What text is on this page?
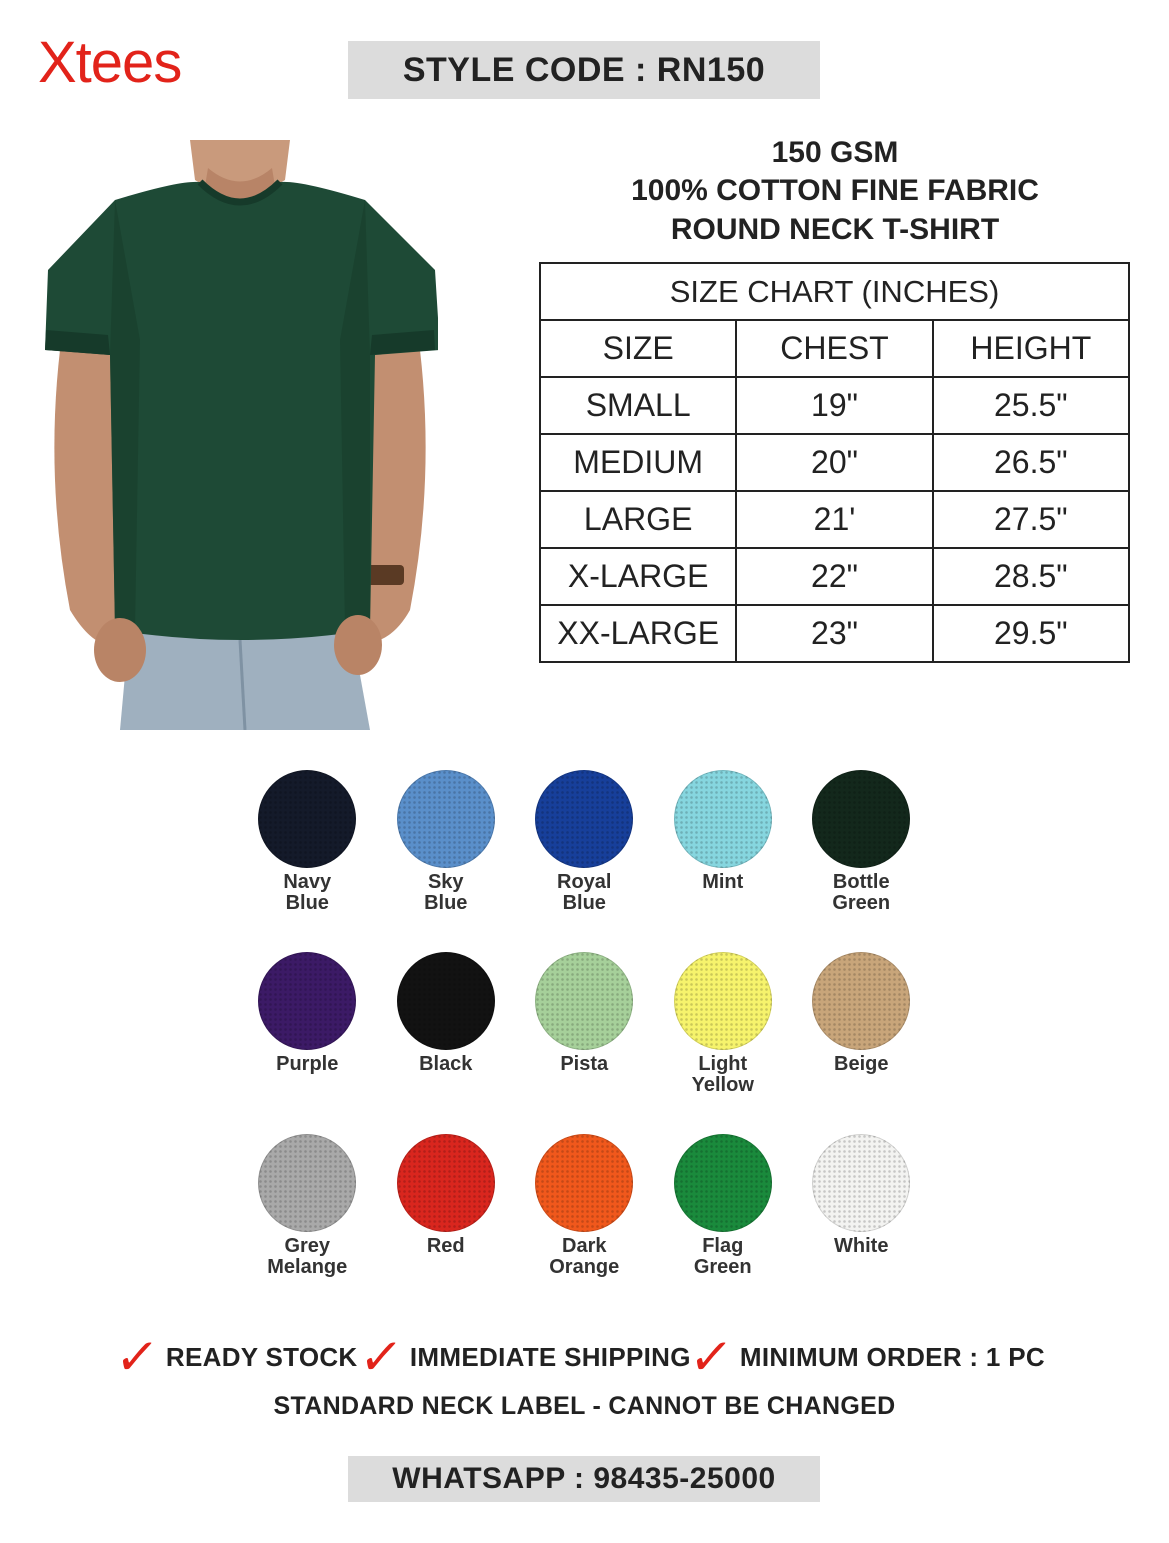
Xtees	STYLE CODE : RN150
150 GSM
100% COTTON FINE FABRIC
ROUND NECK T-SHIRT
SIZE CHART (INCHES)		
SIZE	CHEST	HEIGHT
SMALL	19"	25.5"
MEDIUM	20"	26.5"
LARGE	21'	27.5"
X-LARGE	22"	28.5"
XX-LARGE	23"	29.5"
Navy
Blue
Sky
Blue
Royal
Blue
Mint	Bottle
Green
Purple	Black	Pista	Light
Yellow
Beige
Grey
Melange
Red	Dark
Orange
Flag
Green
White
✓ READY STOCK
✓ IMMEDIATE SHIPPING
✓ MINIMUM ORDER : 1 PC
STANDARD NECK LABEL - CANNOT BE CHANGED
WHATSAPP : 98435-25000
